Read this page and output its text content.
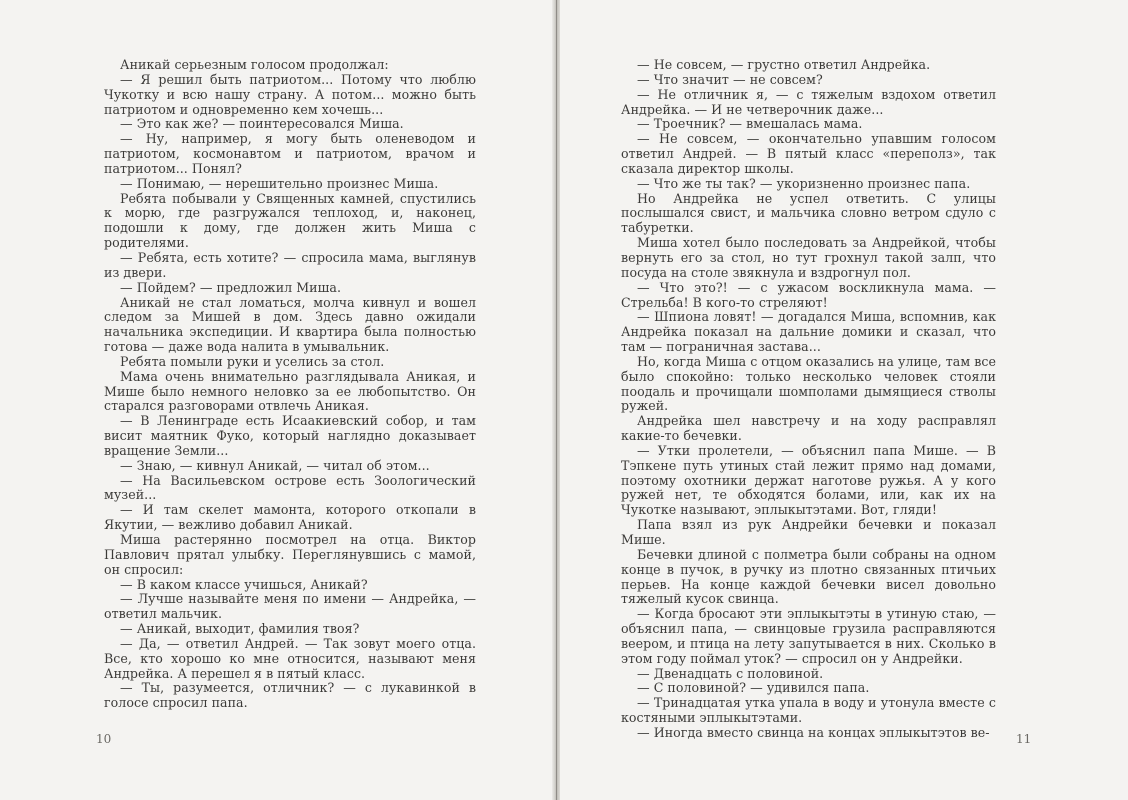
Аникай серьезным голосом продолжал:

— Я решил быть патриотом... Потому что люблю Чукотку и всю нашу страну. А потом... можно быть патриотом и одновременно кем хочешь...

— Это как же? — поинтересовался Миша.

— Ну, например, я могу быть оленеводом и патриотом, космонавтом и патриотом, врачом и патриотом... Понял?

— Понимаю, — нерешительно произнес Миша.

Ребята побывали у Священных камней, спустились к морю, где разгружался теплоход, и, наконец, подошли к дому, где должен жить Миша с родителями.

— Ребята, есть хотите? — спросила мама, выглянув из двери.

— Пойдем? — предложил Миша.

Аникай не стал ломаться, молча кивнул и вошел следом за Мишей в дом. Здесь давно ожидали начальника экспедиции. И квартира была полностью готова — даже вода налита в умывальник.

Ребята помыли руки и уселись за стол.

Мама очень внимательно разглядывала Аникая, и Мише было немного неловко за ее любопытство. Он старался разговорами отвлечь Аникая.

— В Ленинграде есть Исаакиевский собор, и там висит маятник Фуко, который наглядно доказывает вращение Земли...

— Знаю, — кивнул Аникай, — читал об этом...

— На Васильевском острове есть Зоологический музей...

— И там скелет мамонта, которого откопали в Якутии, — вежливо добавил Аникай.

Миша растерянно посмотрел на отца. Виктор Павлович прятал улыбку. Переглянувшись с мамой, он спросил:

— В каком классе учишься, Аникай?

— Лучше называйте меня по имени — Андрейка, — ответил мальчик.

— Аникай, выходит, фамилия твоя?

— Да, — ответил Андрей. — Так зовут моего отца. Все, кто хорошо ко мне относится, называют меня Андрейка. А перешел я в пятый класс.

— Ты, разумеется, отличник? — с лукавинкой в голосе спросил папа.

10

— Не совсем, — грустно ответил Андрейка.

— Что значит — не совсем?

— Не отличник я, — с тяжелым вздохом ответил Андрейка. — И не четверочник даже...

— Троечник? — вмешалась мама.

— Не совсем, — окончательно упавшим голосом ответил Андрей. — В пятый класс «переполз», так сказала директор школы.

— Что же ты так? — укоризненно произнес папа.

Но Андрейка не успел ответить. С улицы послышался свист, и мальчика словно ветром сдуло с табуретки.

Миша хотел было последовать за Андрейкой, чтобы вернуть его за стол, но тут грохнул такой залп, что посуда на столе звякнула и вздрогнул пол.

— Что это?! — с ужасом воскликнула мама. — Стрельба! В кого-то стреляют!

— Шпиона ловят! — догадался Миша, вспомнив, как Андрейка показал на дальние домики и сказал, что там — пограничная застава...

Но, когда Миша с отцом оказались на улице, там все было спокойно: только несколько человек стояли поодаль и прочищали шомполами дымящиеся стволы ружей.

Андрейка шел навстречу и на ходу расправлял какие-то бечевки.

— Утки пролетели, — объяснил папа Мише. — В Тэпкене путь утиных стай лежит прямо над домами, поэтому охотники держат наготове ружья. А у кого ружей нет, те обходятся болами, или, как их на Чукотке называют, эплыкытэтами. Вот, гляди!

Папа взял из рук Андрейки бечевки и показал Мише.

Бечевки длиной с полметра были собраны на одном конце в пучок, в ручку из плотно связанных птичьих перьев. На конце каждой бечевки висел довольно тяжелый кусок свинца.

— Когда бросают эти эплыкытэты в утиную стаю, — объяснил папа, — свинцовые грузила расправляются веером, и птица на лету запутывается в них. Сколько в этом году поймал уток? — спросил он у Андрейки.

— Двенадцать с половиной.

— С половиной? — удивился папа.

— Тринадцатая утка упала в воду и утонула вместе с костяными эплыкытэтами.

— Иногда вместо свинца на концах эплыкытэтов ве-	11
